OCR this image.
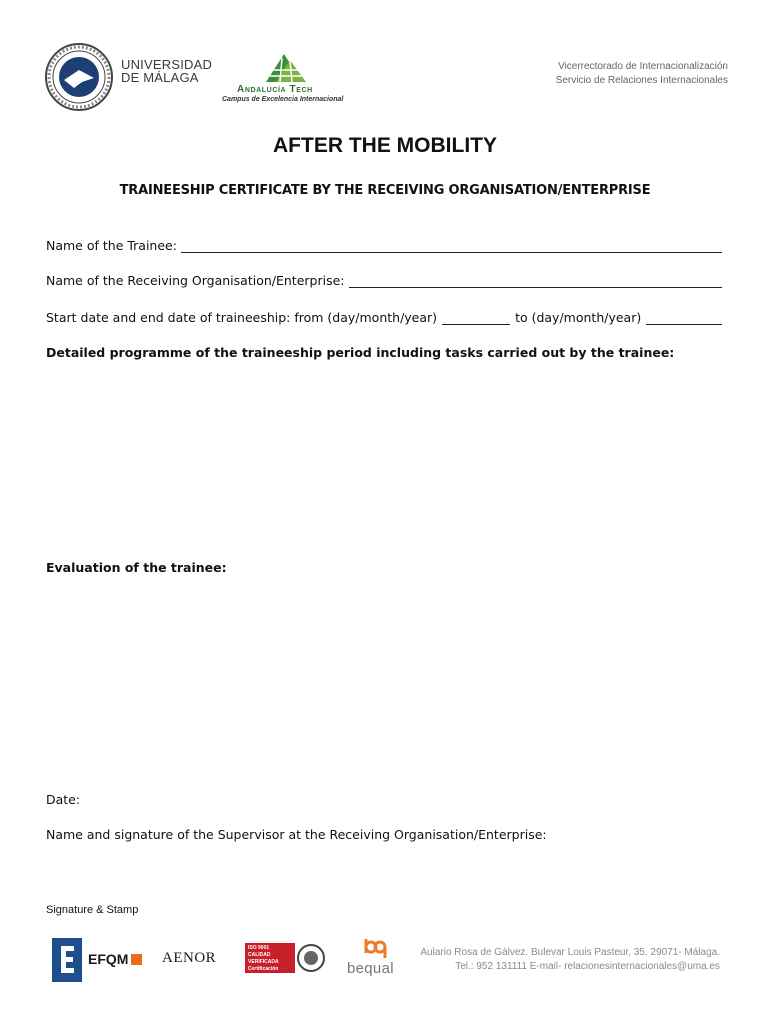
UNIVERSIDAD
DE MÁLAGA
Andalucía Tech
Campus de Excelencia Internacional
Vicerrectorado de Internacionalización
Servicio de Relaciones Internacionales
AFTER THE MOBILITY
TRAINEESHIP CERTIFICATE BY THE RECEIVING ORGANISATION/ENTERPRISE
Name of the Trainee:
Name of the Receiving Organisation/Enterprise:
Start date and end date of traineeship: from (day/month/year)	to (day/month/year)
Detailed programme of the traineeship period including tasks carried out by the trainee:
Evaluation of the trainee:
Date:
Name and signature of the Supervisor at the Receiving Organisation/Enterprise:
Signature & Stamp
EFQM AENOR
ISO 9001
CALIDAD VERIFICADA
Certificación	bequal
Aulario Rosa de Gálvez. Bulevar Louis Pasteur, 35. 29071- Málaga.
Tel.: 952 131111 E-mail- relacionesinternacionales@uma.es
